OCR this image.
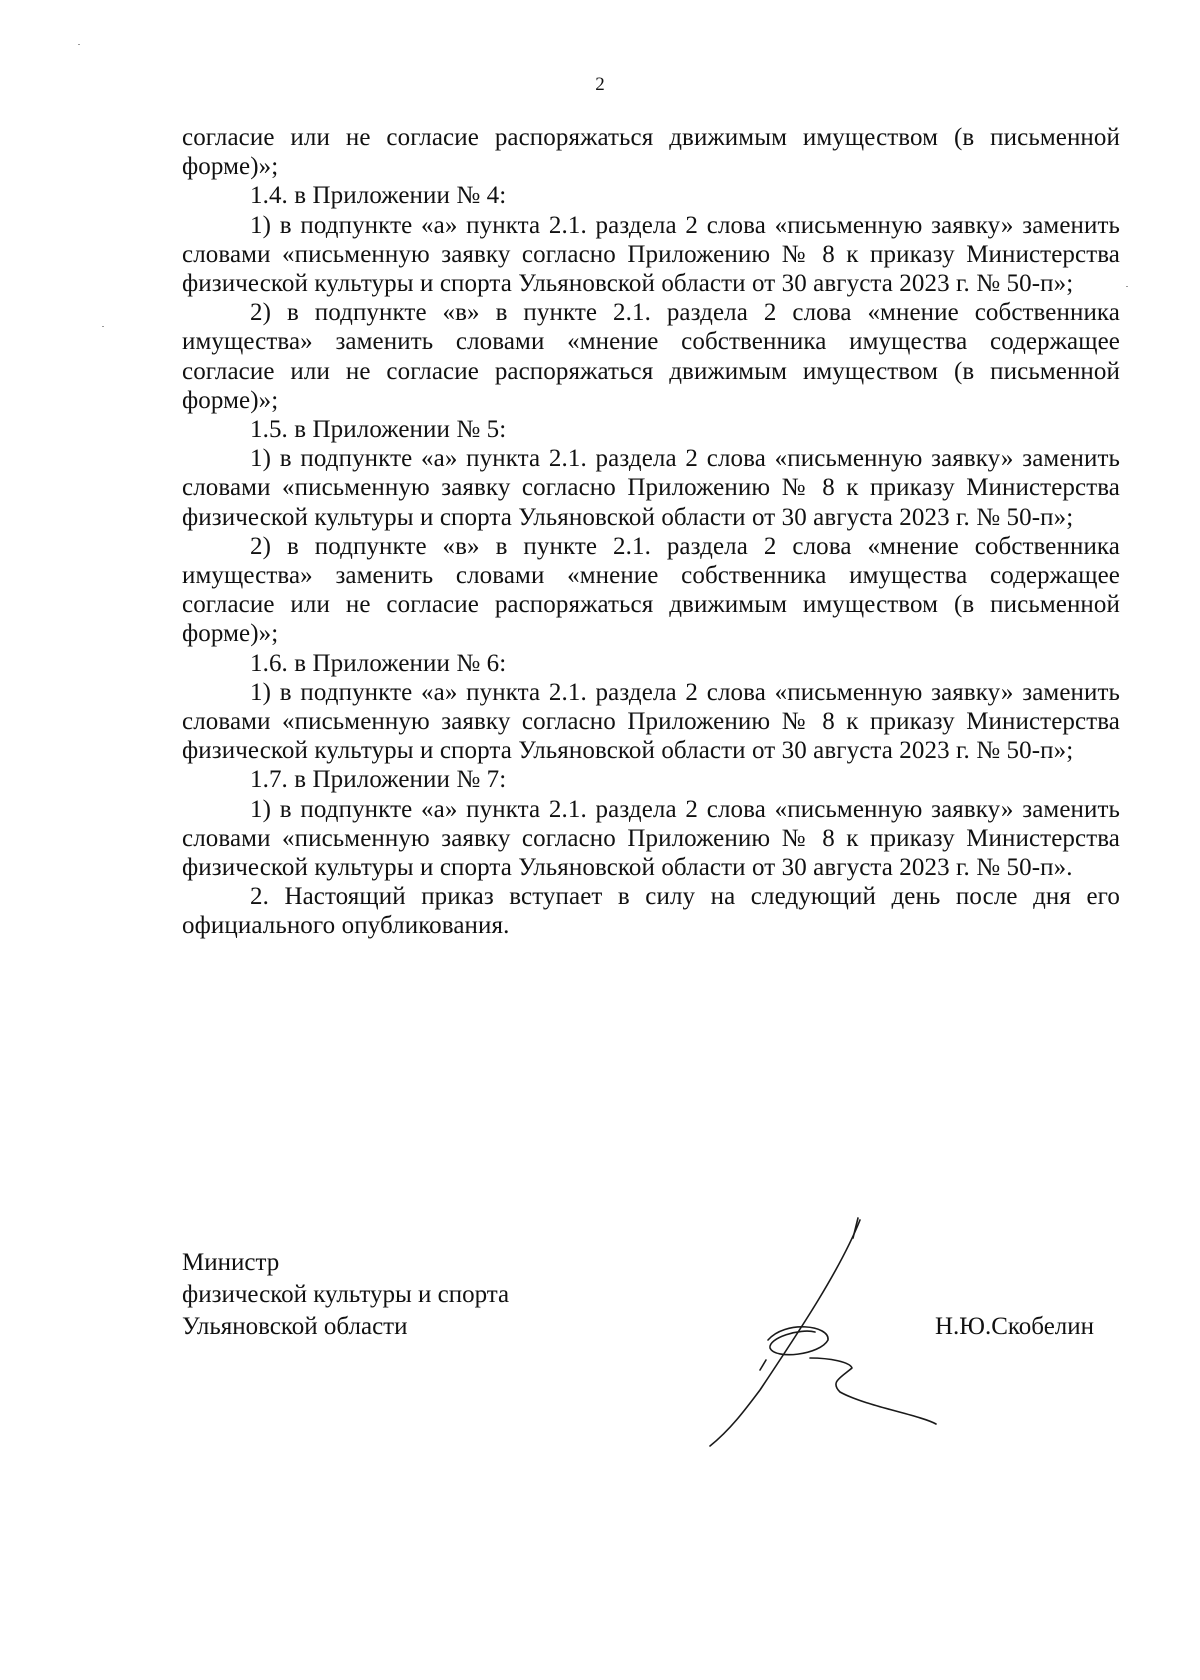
2

согласие или не согласие распоряжаться движимым имуществом (в письменной форме)»;

1.4. в Приложении № 4:

1) в подпункте «а» пункта 2.1. раздела 2 слова «письменную заявку» заменить словами «письменную заявку согласно Приложению № 8 к приказу Министерства физической культуры и спорта Ульяновской области от 30 августа 2023 г. № 50-п»;

2) в подпункте «в» в пункте 2.1. раздела 2 слова «мнение собственника имущества» заменить словами «мнение собственника имущества содержащее согласие или не согласие распоряжаться движимым имуществом (в письменной форме)»;

1.5. в Приложении № 5:

1) в подпункте «а» пункта 2.1. раздела 2 слова «письменную заявку» заменить словами «письменную заявку согласно Приложению № 8 к приказу Министерства физической культуры и спорта Ульяновской области от 30 августа 2023 г. № 50-п»;

2) в подпункте «в» в пункте 2.1. раздела 2 слова «мнение собственника имущества» заменить словами «мнение собственника имущества содержащее согласие или не согласие распоряжаться движимым имуществом (в письменной форме)»;

1.6. в Приложении № 6:

1) в подпункте «а» пункта 2.1. раздела 2 слова «письменную заявку» заменить словами «письменную заявку согласно Приложению № 8 к приказу Министерства физической культуры и спорта Ульяновской области от 30 августа 2023 г. № 50-п»;

1.7. в Приложении № 7:

1) в подпункте «а» пункта 2.1. раздела 2 слова «письменную заявку» заменить словами «письменную заявку согласно Приложению № 8 к приказу Министерства физической культуры и спорта Ульяновской области от 30 августа 2023 г. № 50-п».

2. Настоящий приказ вступает в силу на следующий день после дня его официального опубликования.

Министр
физической культуры и спорта
Ульяновской области	Н.Ю.Скобелин
